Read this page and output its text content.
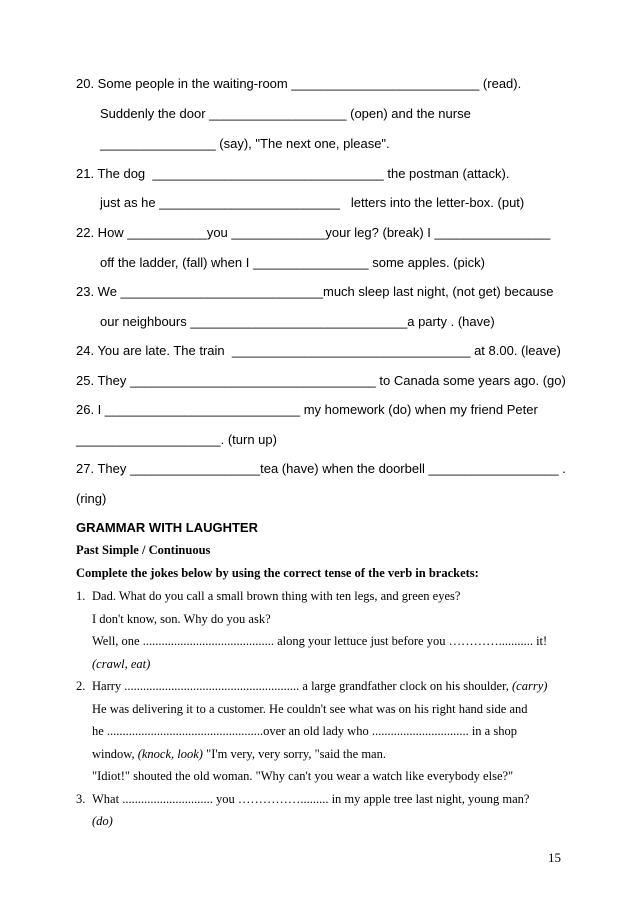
20. Some people in the waiting-room __________________________ (read).
Suddenly the door ___________________ (open) and the nurse
________________ (say), "The next one, please".
21. The dog  ________________________________ the postman (attack).
just as he _________________________   letters into the letter-box. (put)
22. How ___________you _____________your leg? (break) I ________________
off the ladder, (fall) when I ________________ some apples. (pick)
23. We ____________________________much sleep last night, (not get) because
our neighbours ______________________________a party . (have)
24. You are late. The train  _________________________________ at 8.00. (leave)
25. They __________________________________ to Canada some years ago. (go)
26. I ___________________________ my homework (do) when my friend Peter
____________________. (turn up)
27. They __________________tea (have) when the doorbell __________________ .
(ring)
GRAMMAR WITH LAUGHTER
Past Simple / Continuous
Complete the jokes below by using the correct tense of the verb in brackets:
1. Dad. What do you call a small brown thing with ten legs, and green eyes?
I don't know, son. Why do you ask?
Well, one .......................................... along your lettuce just before you …………........... it!
(crawl, eat)
2. Harry ........................................................ a large grandfather clock on his shoulder, (carry)
He was delivering it to a customer. He couldn't see what was on his right hand side and
he ..................................................over an old lady who ............................... in a shop
window, (knock, look) "I'm very, very sorry, "said the man.
"Idiot!" shouted the old woman. "Why can't you wear a watch like everybody else?"
3. What ............................. you ……………......... in my apple tree last night, young man?
(do)
15
